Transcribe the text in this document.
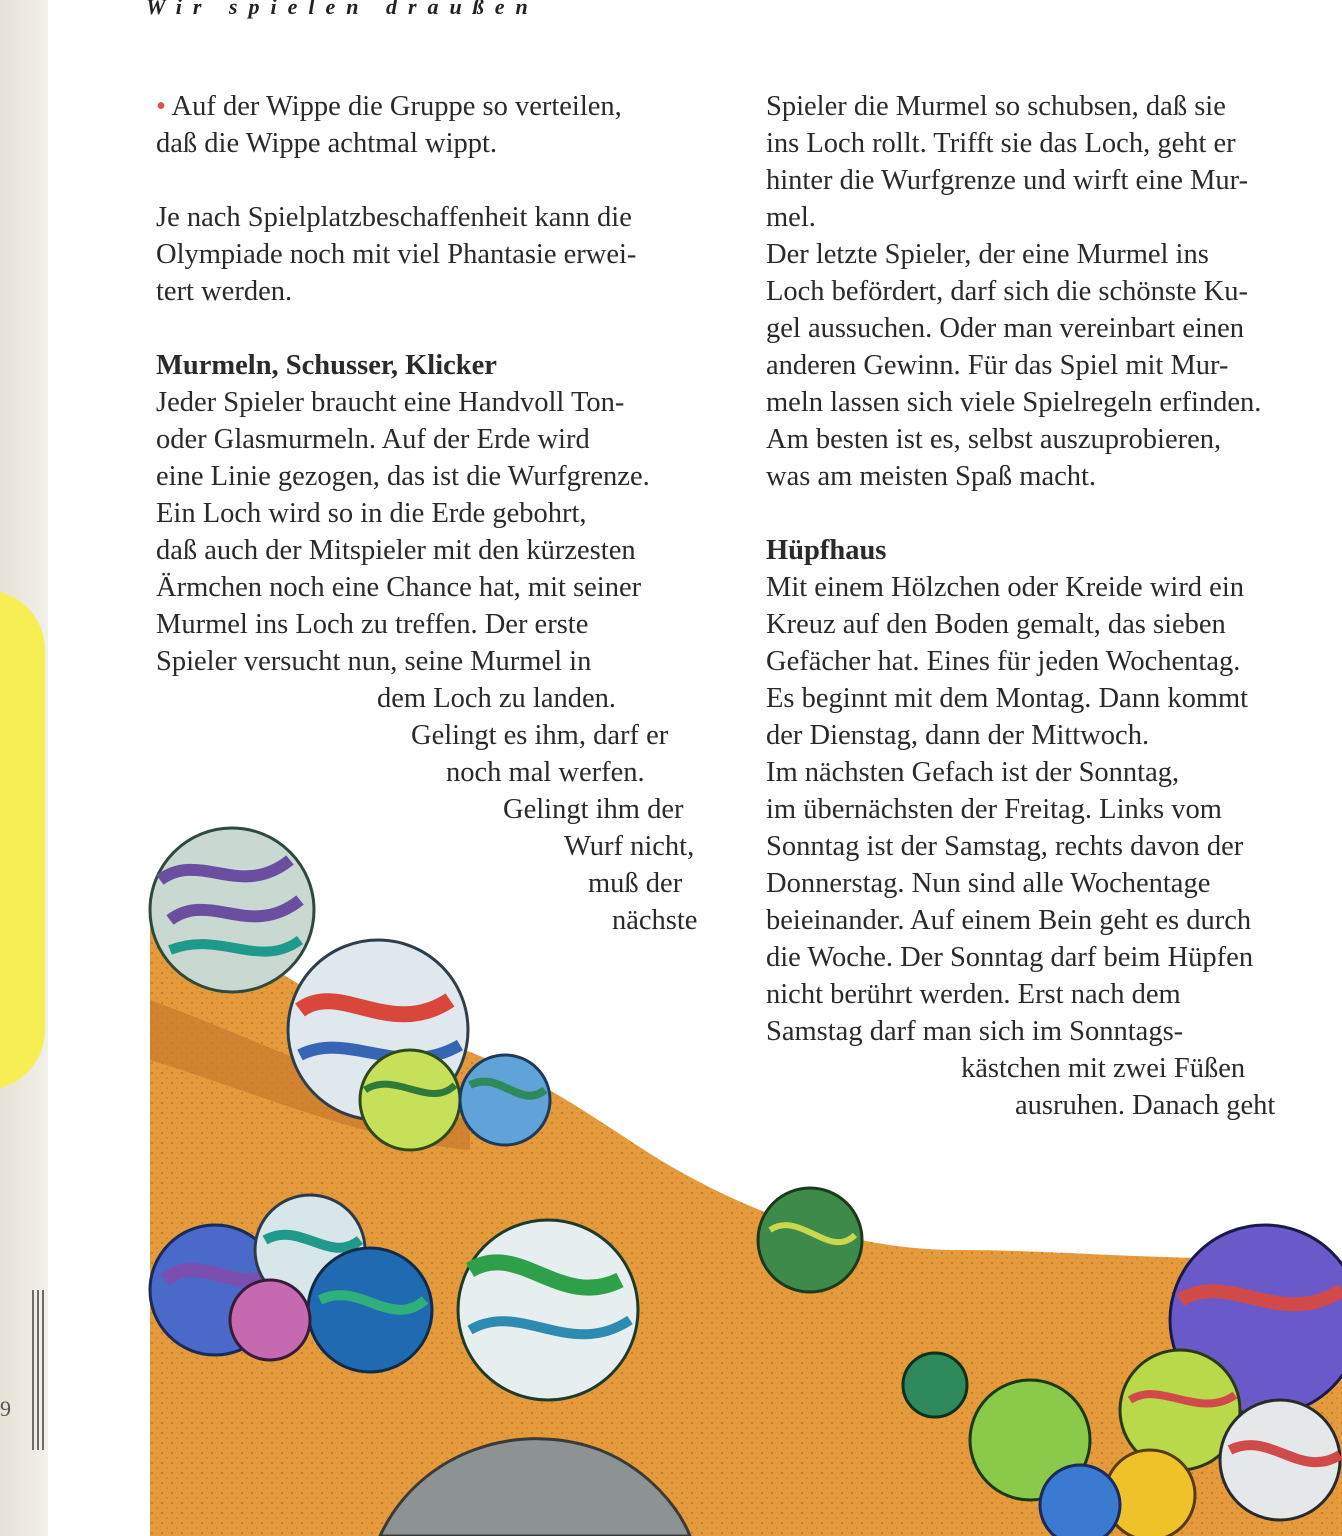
9
Wir spielen draußen

• Auf der Wippe die Gruppe so verteilen,
daß die Wippe achtmal wippt.

Je nach Spielplatzbeschaffenheit kann die
Olympiade noch mit viel Phantasie erwei-
tert werden.

Murmeln, Schusser, Klicker

Jeder Spieler braucht eine Handvoll Ton-
oder Glasmurmeln. Auf der Erde wird
eine Linie gezogen, das ist die Wurfgrenze.
Ein Loch wird so in die Erde gebohrt,
daß auch der Mitspieler mit den kürzesten
Ärmchen noch eine Chance hat, mit seiner
Murmel ins Loch zu treffen. Der erste
Spieler versucht nun, seine Murmel in
dem Loch zu landen.
Gelingt es ihm, darf er
noch mal werfen.
Gelingt ihm der
Wurf nicht,
muß der
nächste

Spieler die Murmel so schubsen, daß sie
ins Loch rollt. Trifft sie das Loch, geht er
hinter die Wurfgrenze und wirft eine Mur-
mel.
Der letzte Spieler, der eine Murmel ins
Loch befördert, darf sich die schönste Ku-
gel aussuchen. Oder man vereinbart einen
anderen Gewinn. Für das Spiel mit Mur-
meln lassen sich viele Spielregeln erfinden.
Am besten ist es, selbst auszuprobieren,
was am meisten Spaß macht.

Hüpfhaus

Mit einem Hölzchen oder Kreide wird ein
Kreuz auf den Boden gemalt, das sieben
Gefächer hat. Eines für jeden Wochentag.
Es beginnt mit dem Montag. Dann kommt
der Dienstag, dann der Mittwoch.
Im nächsten Gefach ist der Sonntag,
im übernächsten der Freitag. Links vom
Sonntag ist der Samstag, rechts davon der
Donnerstag. Nun sind alle Wochentage
beieinander. Auf einem Bein geht es durch
die Woche. Der Sonntag darf beim Hüpfen
nicht berührt werden. Erst nach dem
Samstag darf man sich im Sonntags-
kästchen mit zwei Füßen
ausruhen. Danach geht
